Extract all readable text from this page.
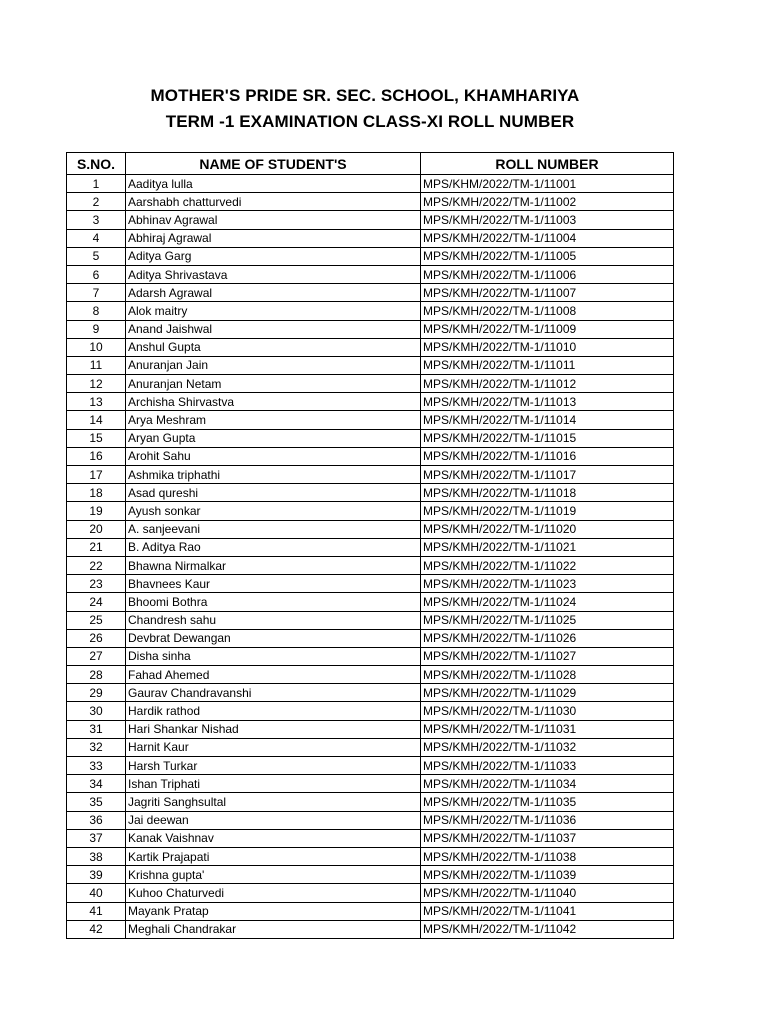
MOTHER'S PRIDE SR. SEC. SCHOOL, KHAMHARIYA
TERM -1 EXAMINATION CLASS-XI ROLL NUMBER
S.NO.	NAME OF STUDENT'S	ROLL NUMBER
1	Aaditya lulla	MPS/KHM/2022/TM-1/11001
2	Aarshabh chatturvedi	MPS/KMH/2022/TM-1/11002
3	Abhinav Agrawal	MPS/KMH/2022/TM-1/11003
4	Abhiraj Agrawal	MPS/KMH/2022/TM-1/11004
5	Aditya Garg	MPS/KMH/2022/TM-1/11005
6	Aditya Shrivastava	MPS/KMH/2022/TM-1/11006
7	Adarsh Agrawal	MPS/KMH/2022/TM-1/11007
8	Alok maitry	MPS/KMH/2022/TM-1/11008
9	Anand Jaishwal	MPS/KMH/2022/TM-1/11009
10	Anshul Gupta	MPS/KMH/2022/TM-1/11010
11	Anuranjan Jain	MPS/KMH/2022/TM-1/11011
12	Anuranjan Netam	MPS/KMH/2022/TM-1/11012
13	Archisha Shirvastva	MPS/KMH/2022/TM-1/11013
14	Arya Meshram	MPS/KMH/2022/TM-1/11014
15	Aryan Gupta	MPS/KMH/2022/TM-1/11015
16	Arohit Sahu	MPS/KMH/2022/TM-1/11016
17	Ashmika triphathi	MPS/KMH/2022/TM-1/11017
18	Asad qureshi	MPS/KMH/2022/TM-1/11018
19	Ayush sonkar	MPS/KMH/2022/TM-1/11019
20	A. sanjeevani	MPS/KMH/2022/TM-1/11020
21	B. Aditya Rao	MPS/KMH/2022/TM-1/11021
22	Bhawna Nirmalkar	MPS/KMH/2022/TM-1/11022
23	Bhavnees Kaur	MPS/KMH/2022/TM-1/11023
24	Bhoomi Bothra	MPS/KMH/2022/TM-1/11024
25	Chandresh sahu	MPS/KMH/2022/TM-1/11025
26	Devbrat Dewangan	MPS/KMH/2022/TM-1/11026
27	Disha sinha	MPS/KMH/2022/TM-1/11027
28	Fahad Ahemed	MPS/KMH/2022/TM-1/11028
29	Gaurav Chandravanshi	MPS/KMH/2022/TM-1/11029
30	Hardik rathod	MPS/KMH/2022/TM-1/11030
31	Hari Shankar Nishad	MPS/KMH/2022/TM-1/11031
32	Harnit Kaur	MPS/KMH/2022/TM-1/11032
33	Harsh Turkar	MPS/KMH/2022/TM-1/11033
34	Ishan Triphati	MPS/KMH/2022/TM-1/11034
35	Jagriti Sanghsultal	MPS/KMH/2022/TM-1/11035
36	Jai deewan	MPS/KMH/2022/TM-1/11036
37	Kanak Vaishnav	MPS/KMH/2022/TM-1/11037
38	Kartik Prajapati	MPS/KMH/2022/TM-1/11038
39	Krishna gupta'	MPS/KMH/2022/TM-1/11039
40	Kuhoo Chaturvedi	MPS/KMH/2022/TM-1/11040
41	Mayank Pratap	MPS/KMH/2022/TM-1/11041
42	Meghali Chandrakar	MPS/KMH/2022/TM-1/11042
